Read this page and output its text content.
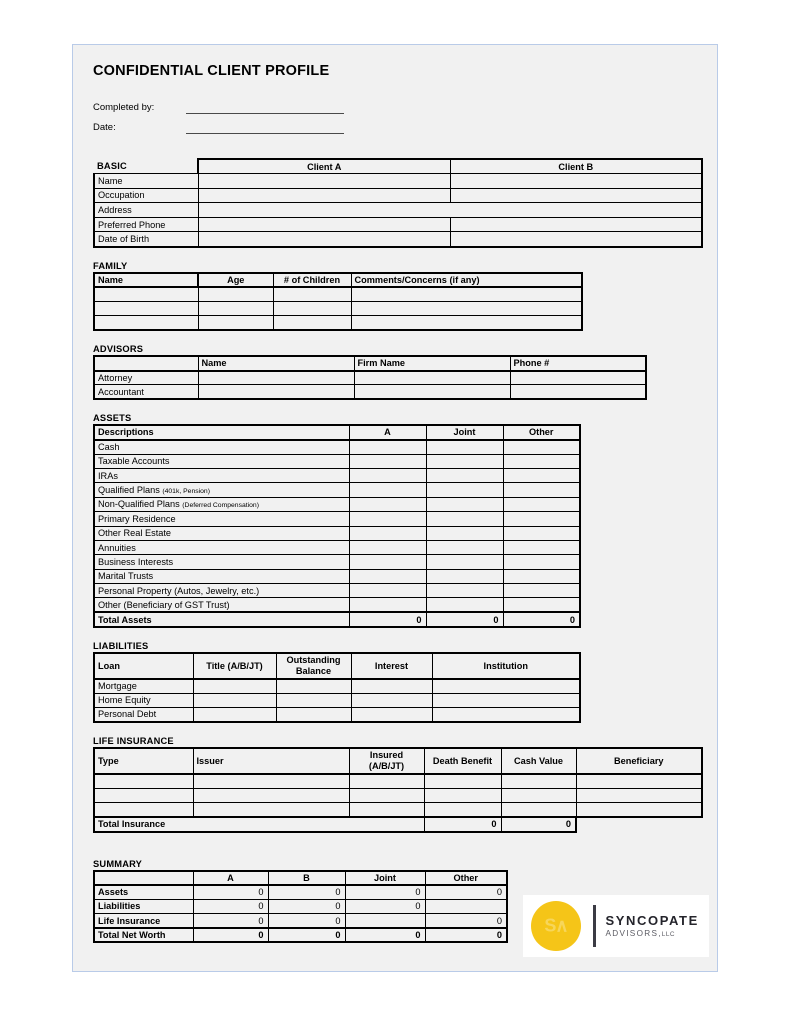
CONFIDENTIAL CLIENT PROFILE
Completed by:
Date:
BASIC	Client A	Client B
Name		
Occupation		
Address		
Preferred Phone		
Date of Birth		
FAMILY
Name	Age	# of Children	Comments/Concerns (if any)

ADVISORS
	Name	Firm Name	Phone #
Attorney			
Accountant			
ASSETS
Descriptions	A	Joint	Other
Cash			
Taxable Accounts			
IRAs			
Qualified Plans (401k, Pension)			
Non-Qualified Plans (Deferred Compensation)			
Primary Residence			
Other Real Estate			
Annuities			
Business Interests			
Marital Trusts			
Personal Property (Autos, Jewelry, etc.)			
Other (Beneficiary of GST Trust)			
Total Assets	0	0	0
LIABILITIES
Loan	Title (A/B/JT)	Outstanding Balance	Interest	Institution
Mortgage				
Home Equity				
Personal Debt				
LIFE INSURANCE
Type	Issuer	Insured (A/B/JT)	Death Benefit	Cash Value	Beneficiary

Total Insurance			0	0	
SUMMARY
	A	B	Joint	Other
Assets	0	0	0	0
Liabilities	0	0	0	
Life Insurance	0	0		0
Total Net Worth	0	0	0	0	S∧	SYNCOPATE
ADVISORS,LLC
